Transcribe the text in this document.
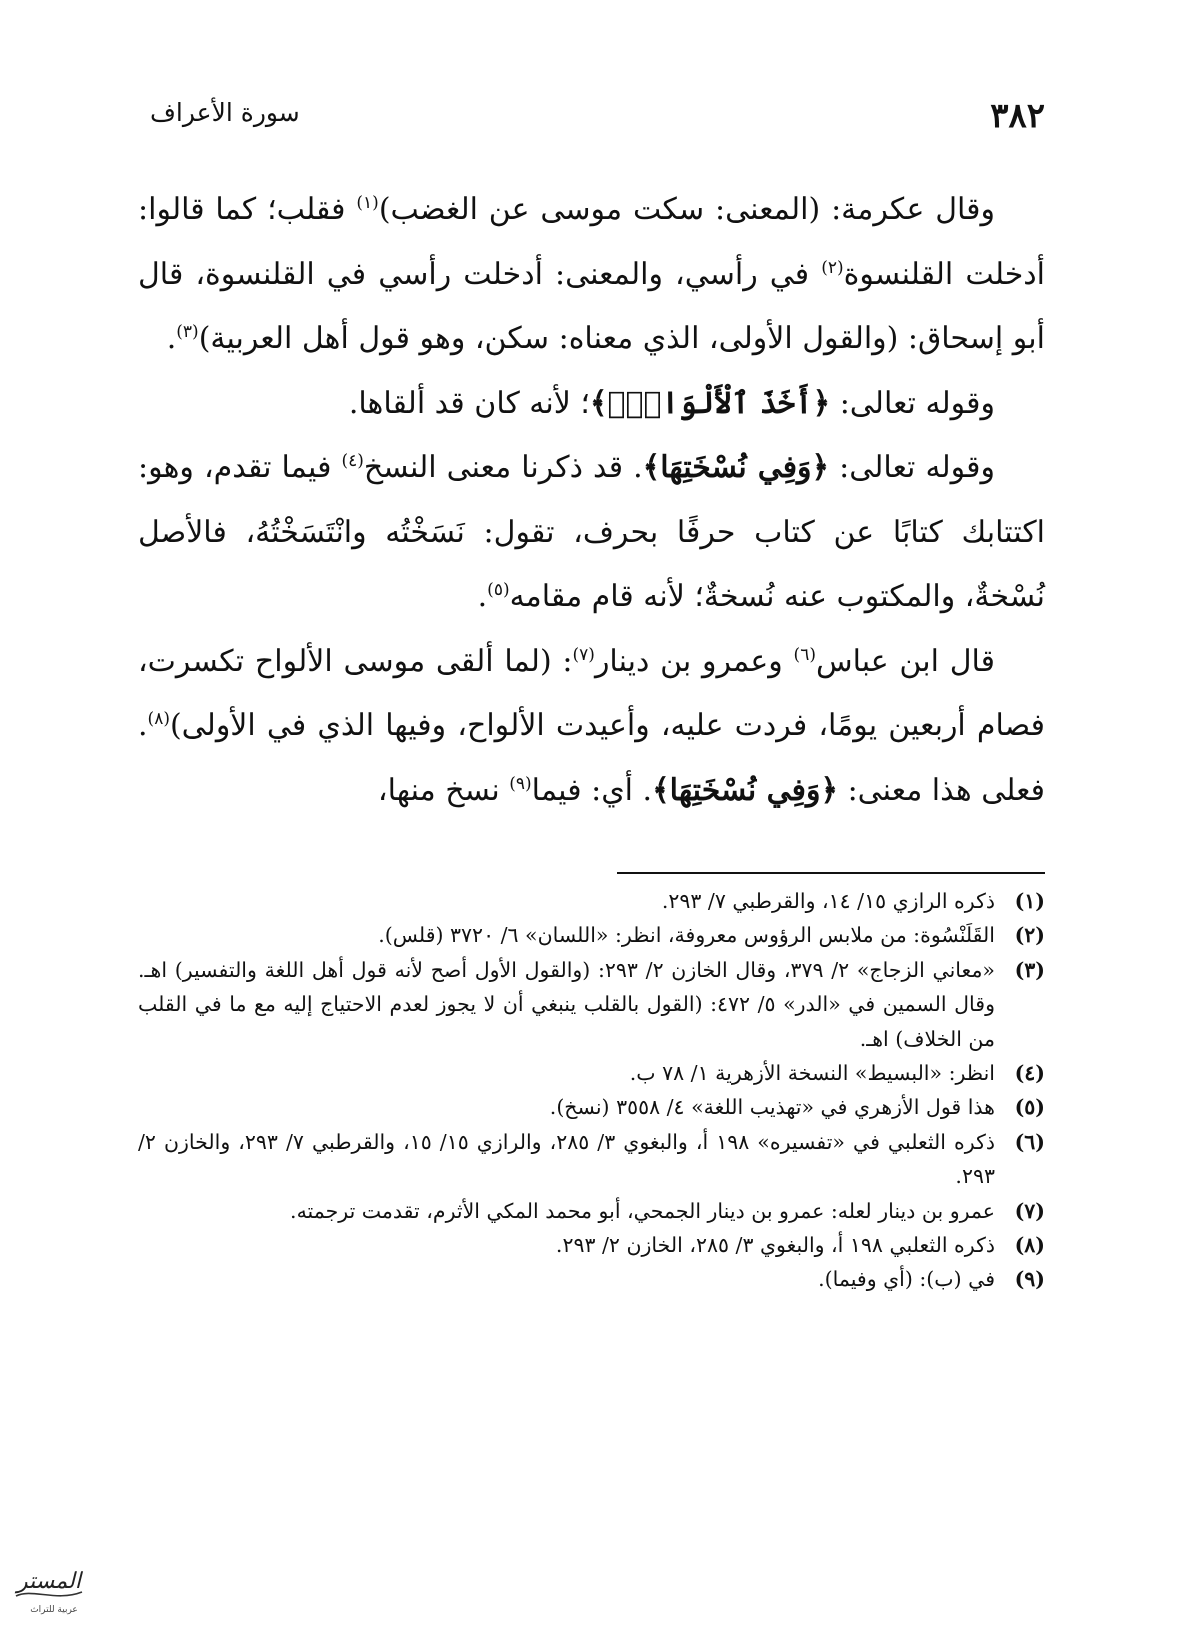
٣٨٢
سورة الأعراف

وقال عكرمة: (المعنى: سكت موسى عن الغضب)$^{(١)}$ فقلب؛ كما قالوا: أدخلت القلنسوة$^{(٢)}$ في رأسي، والمعنى: أدخلت رأسي في القلنسوة، قال أبو إسحاق: (والقول الأولى، الذي معناه: سكن، وهو قول أهل العربية)$^{(٣)}$.

وقوله تعالى: ﴿أَخَذَ ٱلْأَلْوَاحَۖ﴾؛ لأنه كان قد ألقاها.

وقوله تعالى: ﴿وَفِي نُسْخَتِهَا﴾. قد ذكرنا معنى النسخ$^{(٤)}$ فيما تقدم، وهو: اكتتابك كتابًا عن كتاب حرفًا بحرف، تقول: نَسَخْتُه وانْتَسَخْتُهُ، فالأصل نُسْخةٌ، والمكتوب عنه نُسخةٌ؛ لأنه قام مقامه$^{(٥)}$.

قال ابن عباس$^{(٦)}$ وعمرو بن دينار$^{(٧)}$: (لما ألقى موسى الألواح تكسرت، فصام أربعين يومًا، فردت عليه، وأعيدت الألواح، وفيها الذي في الأولى)$^{(٨)}$. فعلى هذا معنى: ﴿وَفِي نُسْخَتِهَا﴾. أي: فيما$^{(٩)}$ نسخ منها،

(١)
ذكره الرازي ١٥/ ١٤، والقرطبي ٧/ ٢٩٣.
(٢)
القَلَنْسُوة: من ملابس الرؤوس معروفة، انظر: «اللسان» ٦/ ٣٧٢٠ (قلس).
(٣)
«معاني الزجاج» ٢/ ٣٧٩، وقال الخازن ٢/ ٢٩٣: (والقول الأول أصح لأنه قول أهل اللغة والتفسير) اهـ. وقال السمين في «الدر» ٥/ ٤٧٢: (القول بالقلب ينبغي أن لا يجوز لعدم الاحتياج إليه مع ما في القلب من الخلاف) اهـ.
(٤)
انظر: «البسيط» النسخة الأزهرية ١/ ٧٨ ب.
(٥)
هذا قول الأزهري في «تهذيب اللغة» ٤/ ٣٥٥٨ (نسخ).
(٦)
ذكره الثعلبي في «تفسيره» ١٩٨ أ، والبغوي ٣/ ٢٨٥، والرازي ١٥/ ١٥، والقرطبي ٧/ ٢٩٣، والخازن ٢/ ٢٩٣.
(٧)
عمرو بن دينار لعله: عمرو بن دينار الجمحي، أبو محمد المكي الأثرم، تقدمت ترجمته.
(٨)
ذكره الثعلبي ١٩٨ أ، والبغوي ٣/ ٢٨٥، الخازن ٢/ ٢٩٣.
(٩)
في (ب): (أي وفيما).
المستر
عربية للتراث
